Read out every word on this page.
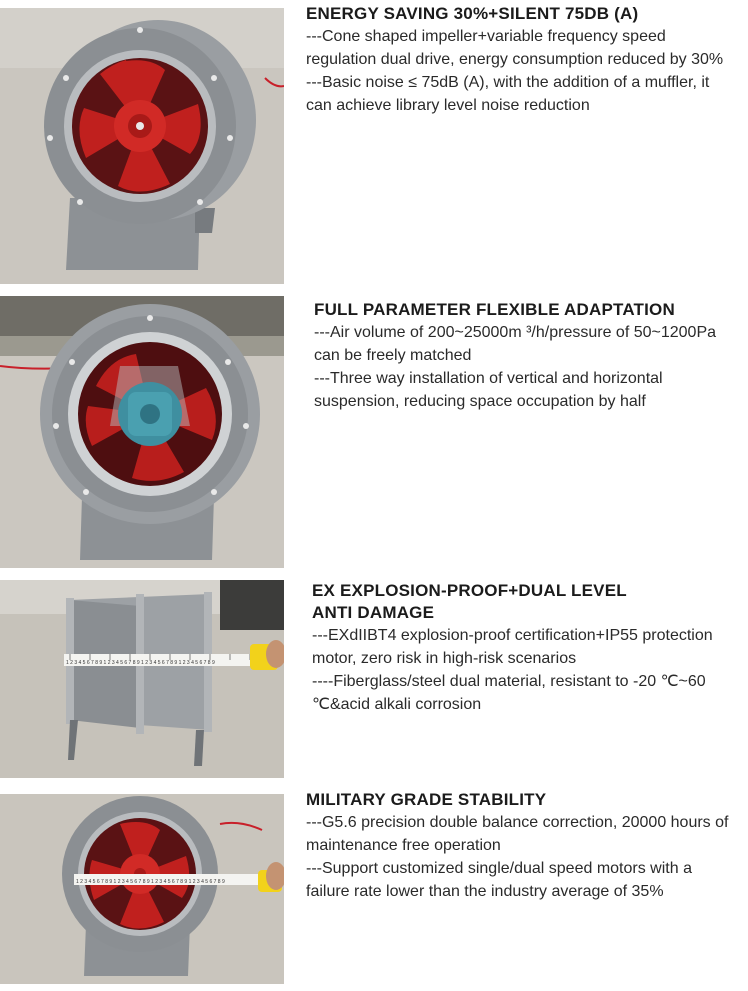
ENERGY SAVING 30%+SILENT 75DB (A)
---Cone shaped impeller+variable frequency speed regulation dual drive, energy consumption reduced by 30%
---Basic noise ≤ 75dB (A), with the addition of a muffler, it can achieve library level noise reduction
FULL PARAMETER FLEXIBLE ADAPTATION
---Air volume of 200~25000m ³/h/pressure of 50~1200Pa can be freely matched
---Three way installation of vertical and horizontal suspension, reducing space occupation by half
1 2 3 4 5 6 7 8 9 1 2 3 4 5 6 7 8 9 1 2 3 4 5 6 7 8 9 1 2 3 4 5 6 7 8 9
EX EXPLOSION-PROOF+DUAL LEVEL
ANTI DAMAGE
---EXdIIBT4 explosion-proof certification+IP55 protection motor, zero risk in high-risk scenarios
----Fiberglass/steel dual material, resistant to -20 ℃~60 ℃&acid alkali corrosion
1 2 3 4 5 6 7 8 9 1 2 3 4 5 6 7 8 9 1 2 3 4 5 6 7 8 9 1 2 3 4 5 6 7 8 9
MILITARY GRADE STABILITY
---G5.6 precision double balance correction, 20000 hours of maintenance free operation
---Support customized single/dual speed motors with a failure rate lower than the industry average of 35%
